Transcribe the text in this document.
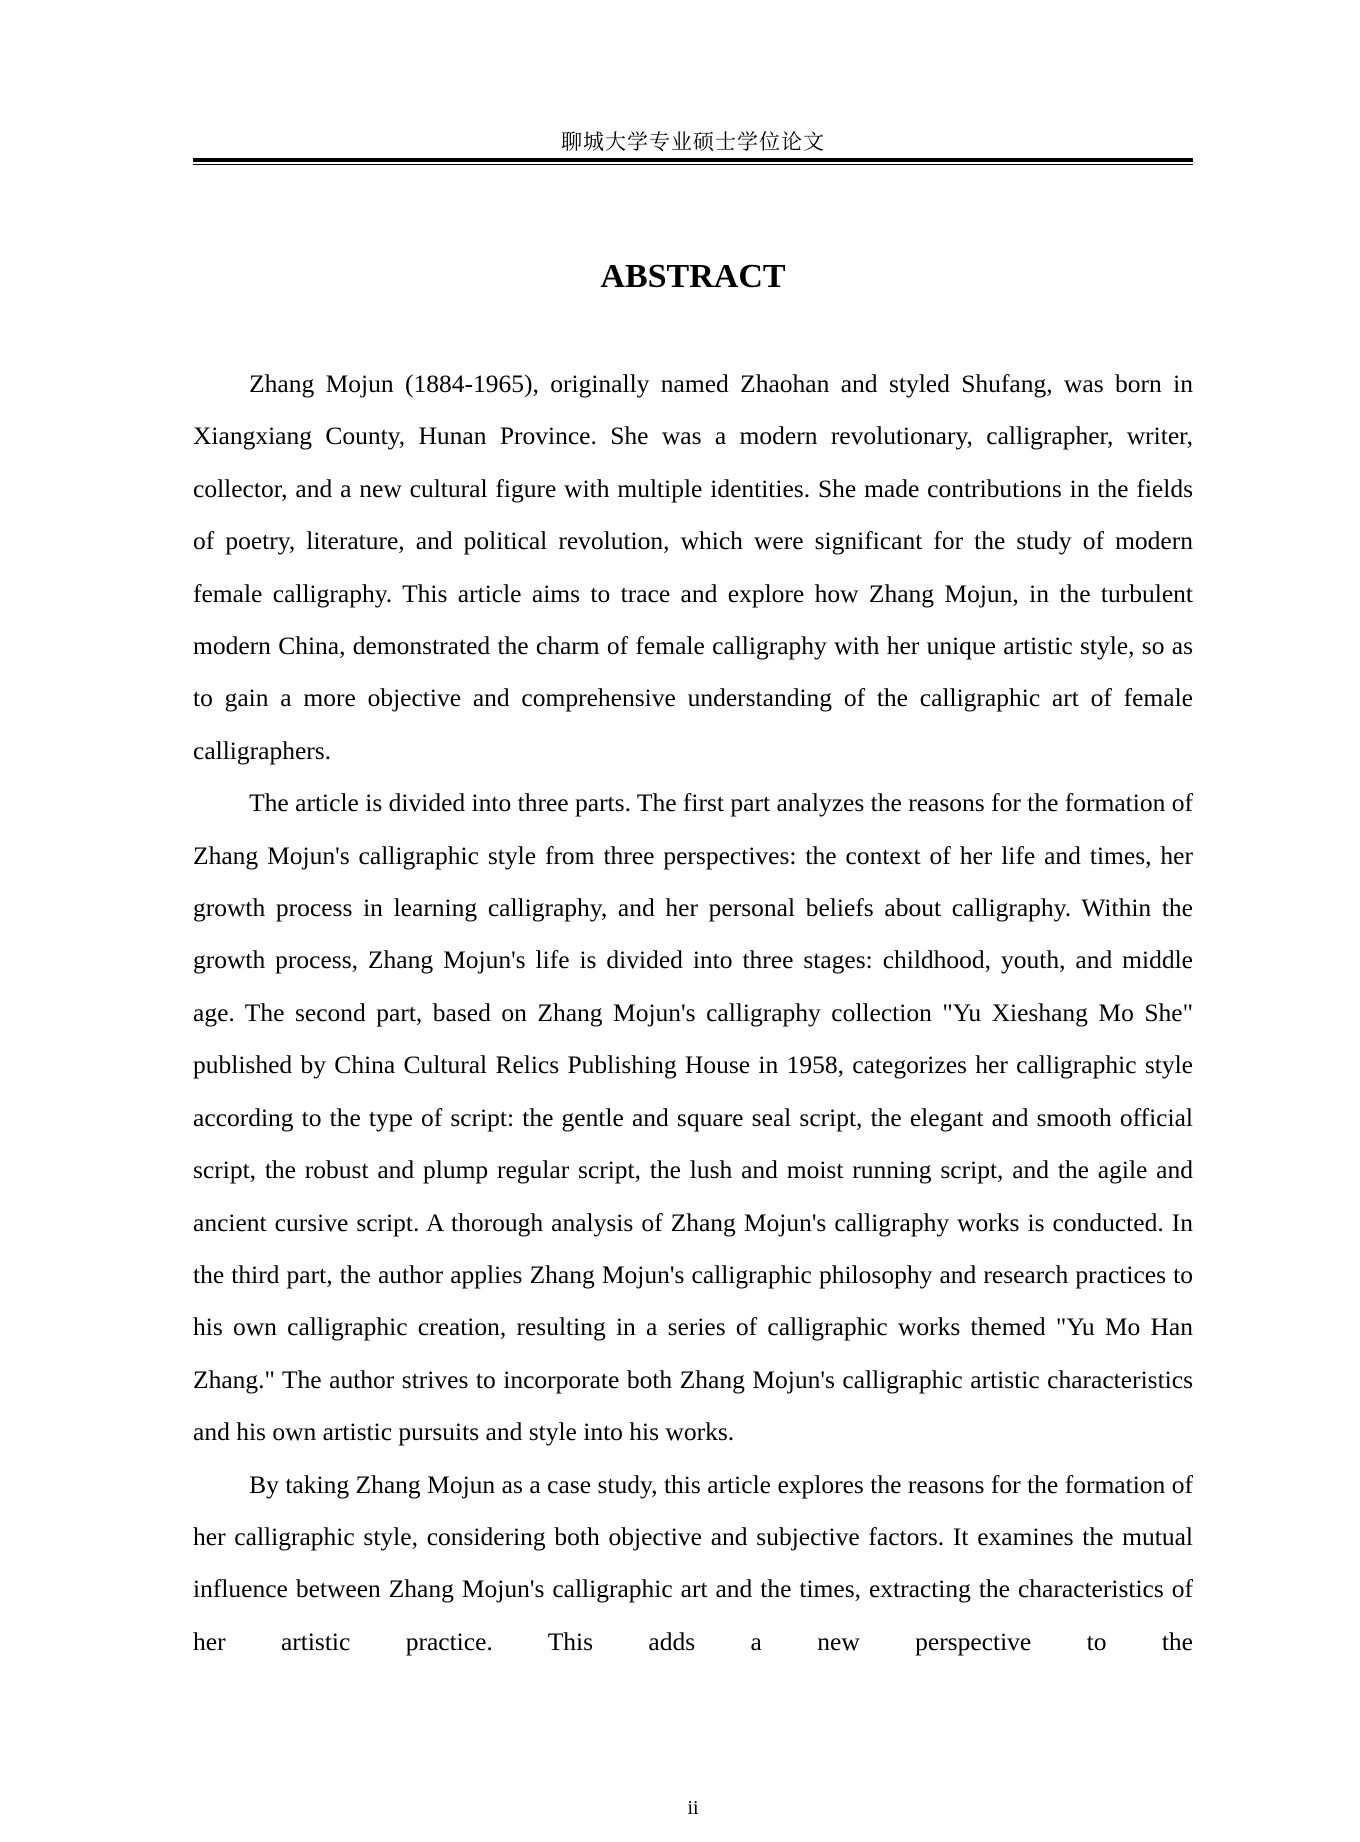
聊城大学专业硕士学位论文
ABSTRACT

Zhang Mojun (1884-1965), originally named Zhaohan and styled Shufang, was born in Xiangxiang County, Hunan Province. She was a modern revolutionary, calligrapher, writer, collector, and a new cultural figure with multiple identities. She made contributions in the fields of poetry, literature, and political revolution, which were significant for the study of modern female calligraphy. This article aims to trace and explore how Zhang Mojun, in the turbulent modern China, demonstrated the charm of female calligraphy with her unique artistic style, so as to gain a more objective and comprehensive understanding of the calligraphic art of female calligraphers.

The article is divided into three parts. The first part analyzes the reasons for the formation of Zhang Mojun's calligraphic style from three perspectives: the context of her life and times, her growth process in learning calligraphy, and her personal beliefs about calligraphy. Within the growth process, Zhang Mojun's life is divided into three stages: childhood, youth, and middle age. The second part, based on Zhang Mojun's calligraphy collection "Yu Xieshang Mo She" published by China Cultural Relics Publishing House in 1958, categorizes her calligraphic style according to the type of script: the gentle and square seal script, the elegant and smooth official script, the robust and plump regular script, the lush and moist running script, and the agile and ancient cursive script. A thorough analysis of Zhang Mojun's calligraphy works is conducted. In the third part, the author applies Zhang Mojun's calligraphic philosophy and research practices to his own calligraphic creation, resulting in a series of calligraphic works themed "Yu Mo Han Zhang." The author strives to incorporate both Zhang Mojun's calligraphic artistic characteristics and his own artistic pursuits and style into his works.

By taking Zhang Mojun as a case study, this article explores the reasons for the formation of her calligraphic style, considering both objective and subjective factors. It examines the mutual influence between Zhang Mojun's calligraphic art and the times, extracting the characteristics of her artistic practice. This adds a new perspective to the

ii
